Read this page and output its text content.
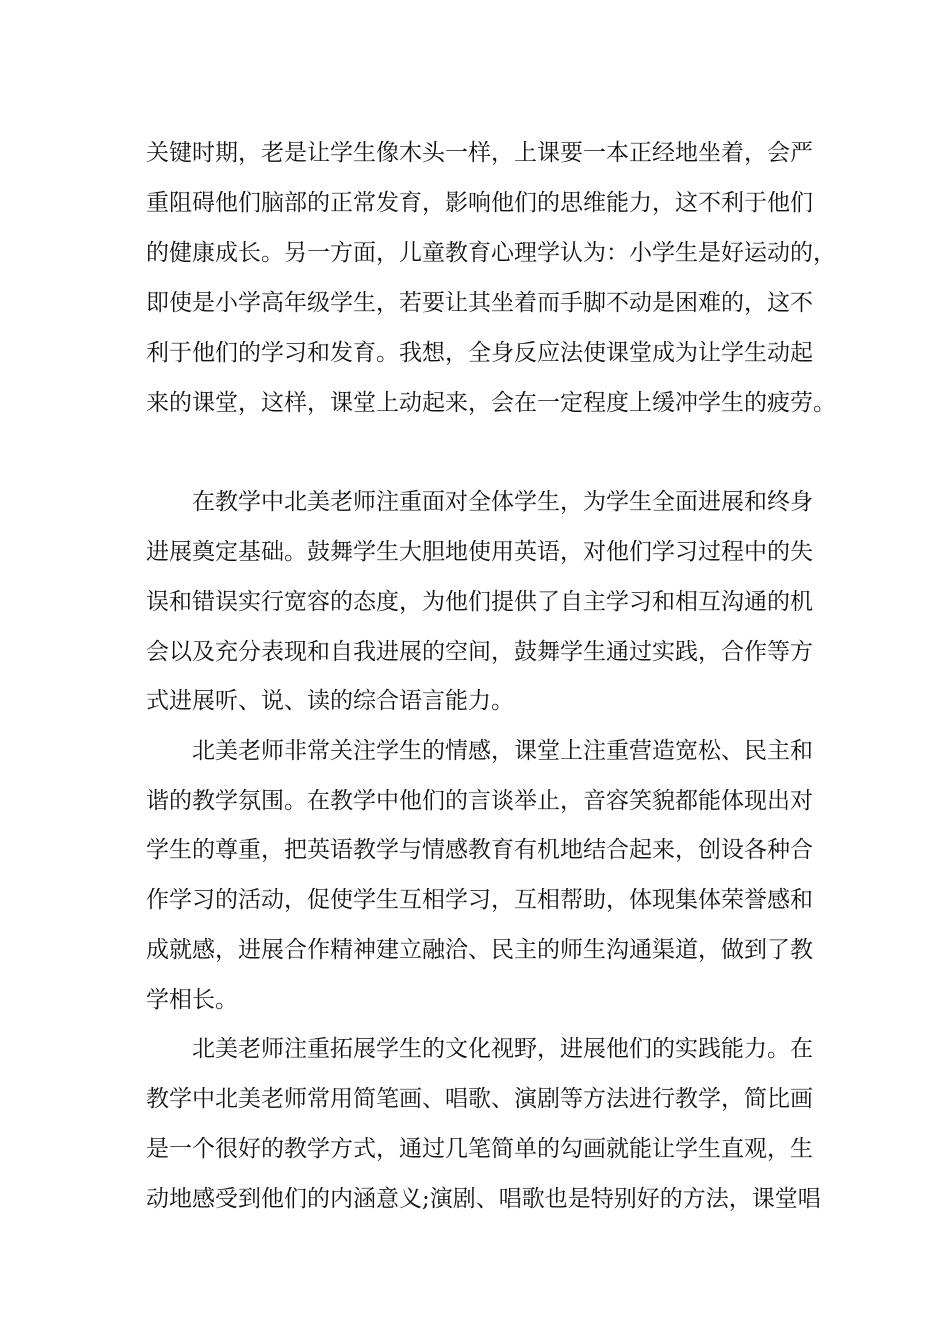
关键时期，老是让学生像木头一样，上课要一本正经地坐着，会严
重阻碍他们脑部的正常发育，影响他们的思维能力，这不利于他们
的健康成长。另一方面，儿童教育心理学认为：小学生是好运动的，
即使是小学高年级学生，若要让其坐着而手脚不动是困难的，这不
利于他们的学习和发育。我想，全身反应法使课堂成为让学生动起
来的课堂，这样，课堂上动起来，会在一定程度上缓冲学生的疲劳。
在教学中北美老师注重面对全体学生，为学生全面进展和终身
进展奠定基础。鼓舞学生大胆地使用英语，对他们学习过程中的失
误和错误实行宽容的态度，为他们提供了自主学习和相互沟通的机
会以及充分表现和自我进展的空间，鼓舞学生通过实践，合作等方
式进展听、说、读的综合语言能力。
北美老师非常关注学生的情感，课堂上注重营造宽松、民主和
谐的教学氛围。在教学中他们的言谈举止，音容笑貌都能体现出对
学生的尊重，把英语教学与情感教育有机地结合起来，创设各种合
作学习的活动，促使学生互相学习，互相帮助，体现集体荣誉感和
成就感，进展合作精神建立融洽、民主的师生沟通渠道，做到了教
学相长。
北美老师注重拓展学生的文化视野，进展他们的实践能力。在
教学中北美老师常用简笔画、唱歌、演剧等方法进行教学，简比画
是一个很好的教学方式，通过几笔简单的勾画就能让学生直观，生
动地感受到他们的内涵意义;演剧、唱歌也是特别好的方法，课堂唱
